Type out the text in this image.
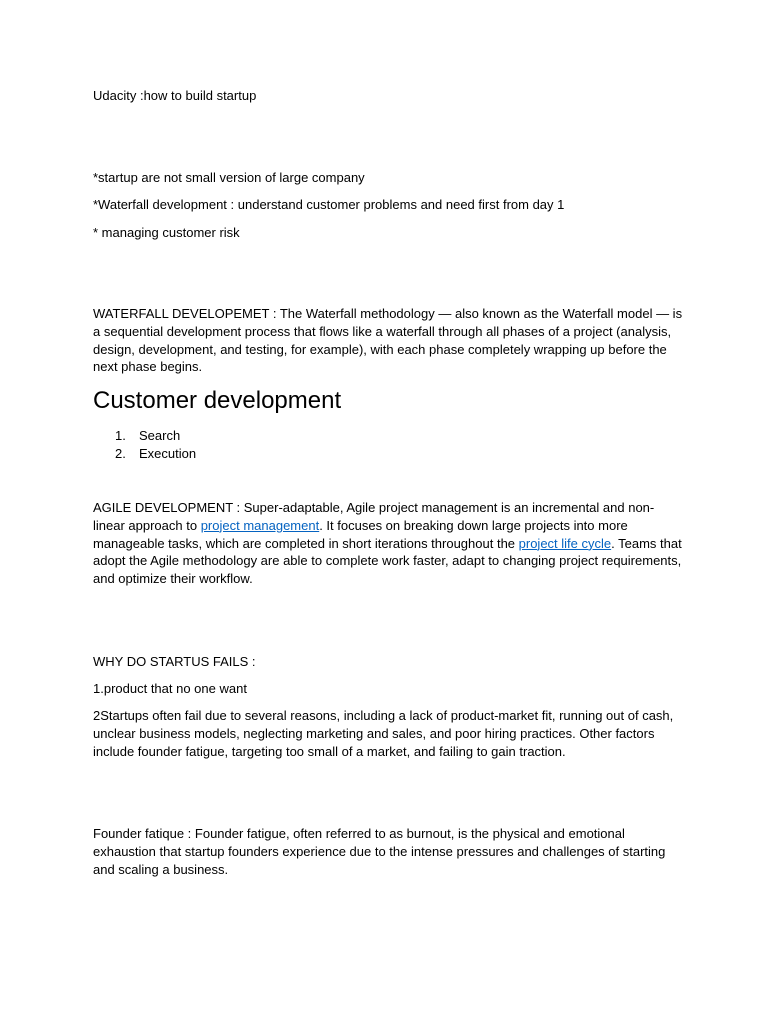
Udacity :how to build startup

*startup are not small version of large company

*Waterfall development : understand customer problems and need first from day 1

* managing customer risk

WATERFALL DEVELOPEMET : The Waterfall methodology — also known as the Waterfall model — is a sequential development process that flows like a waterfall through all phases of a project (analysis, design, development, and testing, for example), with each phase completely wrapping up before the next phase begins.

Customer development
1. Search
2. Execution

AGILE DEVELOPMENT : Super-adaptable, Agile project management is an incremental and non-linear approach to project management. It focuses on breaking down large projects into more manageable tasks, which are completed in short iterations throughout the project life cycle. Teams that adopt the Agile methodology are able to complete work faster, adapt to changing project requirements, and optimize their workflow.

WHY DO STARTUS FAILS :

1.product that no one want

2Startups often fail due to several reasons, including a lack of product-market fit, running out of cash, unclear business models, neglecting marketing and sales, and poor hiring practices. Other factors include founder fatigue, targeting too small of a market, and failing to gain traction.

Founder fatique : Founder fatigue, often referred to as burnout, is the physical and emotional exhaustion that startup founders experience due to the intense pressures and challenges of starting and scaling a business.
